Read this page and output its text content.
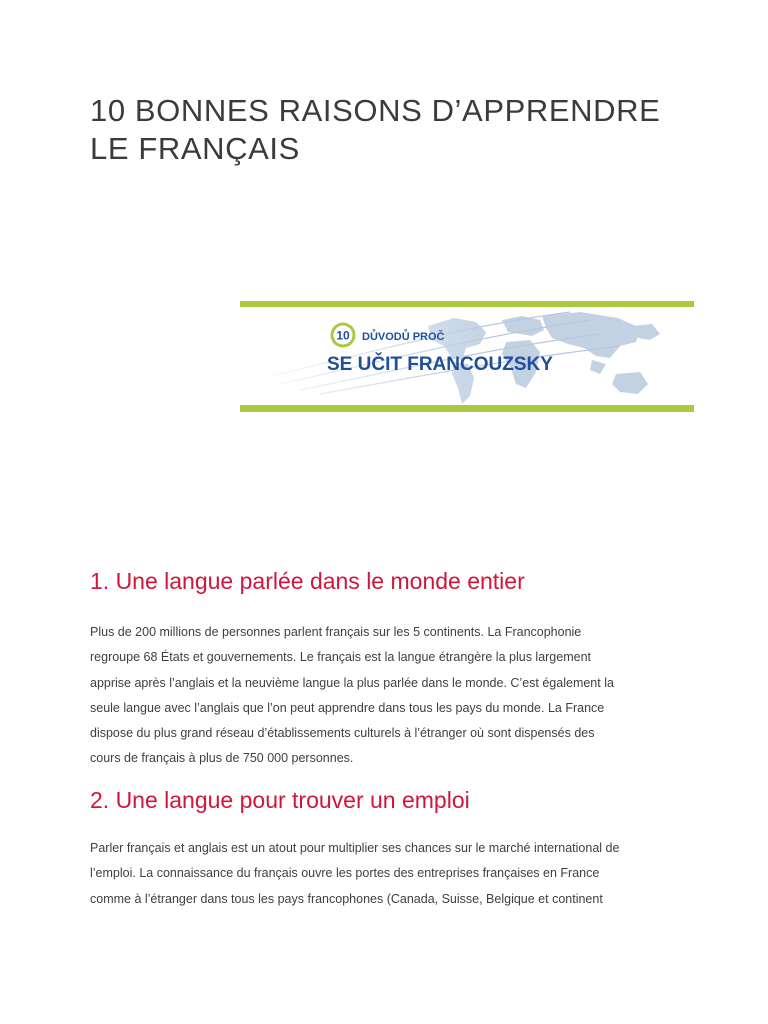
10 BONNES RAISONS D’APPRENDRE
LE FRANÇAIS
10 DŮVODŮ PROČ
SE UČIT FRANCOUZSKY
1. Une langue parlée dans le monde entier

Plus de 200 millions de personnes parlent français sur les 5 continents. La Francophonie
regroupe 68 États et gouvernements. Le français est la langue étrangère la plus largement
apprise après l’anglais et la neuvième langue la plus parlée dans le monde. C’est également la
seule langue avec l’anglais que l’on peut apprendre dans tous les pays du monde. La France
dispose du plus grand réseau d’établissements culturels à l’étranger où sont dispensés des
cours de français à plus de 750 000 personnes.

2. Une langue pour trouver un emploi

Parler français et anglais est un atout pour multiplier ses chances sur le marché international de
l’emploi. La connaissance du français ouvre les portes des entreprises françaises en France
comme à l’étranger dans tous les pays francophones (Canada, Suisse, Belgique et continent
